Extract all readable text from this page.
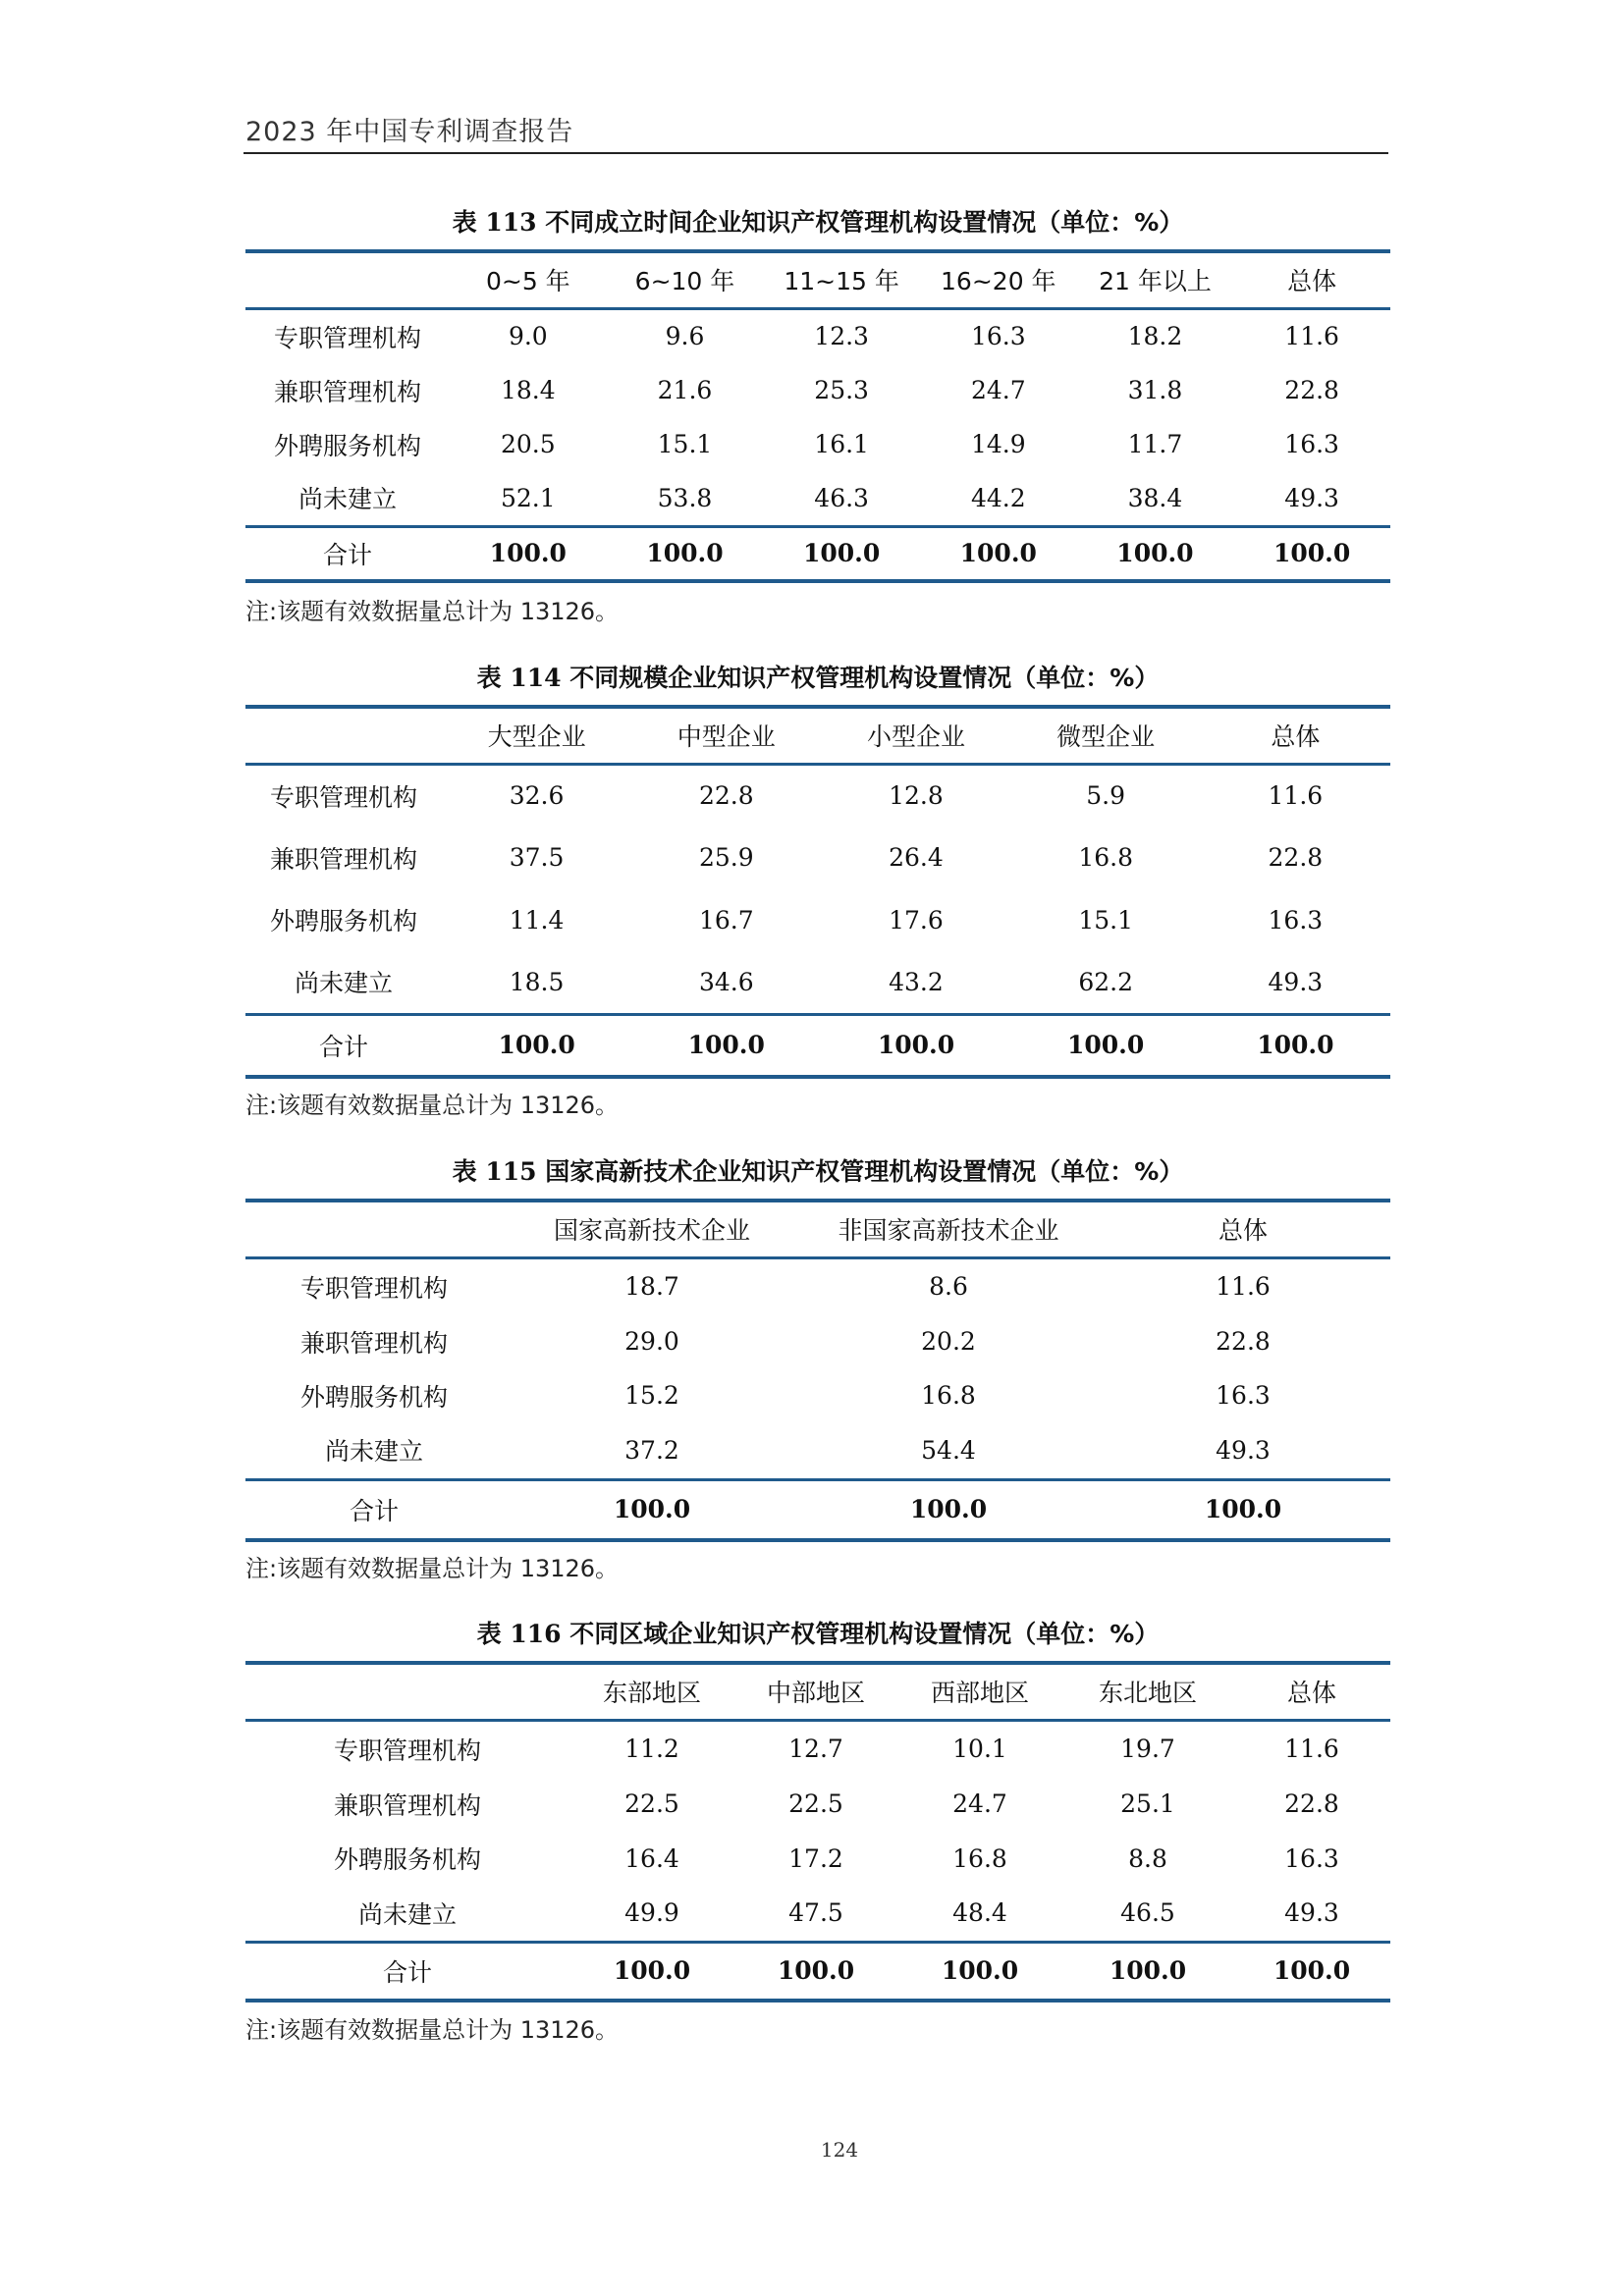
2023 年中国专利调查报告
表 113 不同成立时间企业知识产权管理机构设置情况（单位：%）
	0~5 年	6~10 年	11~15 年	16~20 年	21 年以上	总体
专职管理机构	9.0	9.6	12.3	16.3	18.2	11.6
兼职管理机构	18.4	21.6	25.3	24.7	31.8	22.8
外聘服务机构	20.5	15.1	16.1	14.9	11.7	16.3
尚未建立	52.1	53.8	46.3	44.2	38.4	49.3
合计	100.0	100.0	100.0	100.0	100.0	100.0
注:该题有效数据量总计为 13126。
表 114 不同规模企业知识产权管理机构设置情况（单位：%）
	大型企业	中型企业	小型企业	微型企业	总体
专职管理机构	32.6	22.8	12.8	5.9	11.6
兼职管理机构	37.5	25.9	26.4	16.8	22.8
外聘服务机构	11.4	16.7	17.6	15.1	16.3
尚未建立	18.5	34.6	43.2	62.2	49.3
合计	100.0	100.0	100.0	100.0	100.0
注:该题有效数据量总计为 13126。
表 115 国家高新技术企业知识产权管理机构设置情况（单位：%）
	国家高新技术企业	非国家高新技术企业	总体
专职管理机构	18.7	8.6	11.6
兼职管理机构	29.0	20.2	22.8
外聘服务机构	15.2	16.8	16.3
尚未建立	37.2	54.4	49.3
合计	100.0	100.0	100.0
注:该题有效数据量总计为 13126。
表 116 不同区域企业知识产权管理机构设置情况（单位：%）
	东部地区	中部地区	西部地区	东北地区	总体
专职管理机构	11.2	12.7	10.1	19.7	11.6
兼职管理机构	22.5	22.5	24.7	25.1	22.8
外聘服务机构	16.4	17.2	16.8	8.8	16.3
尚未建立	49.9	47.5	48.4	46.5	49.3
合计	100.0	100.0	100.0	100.0	100.0
注:该题有效数据量总计为 13126。
124
